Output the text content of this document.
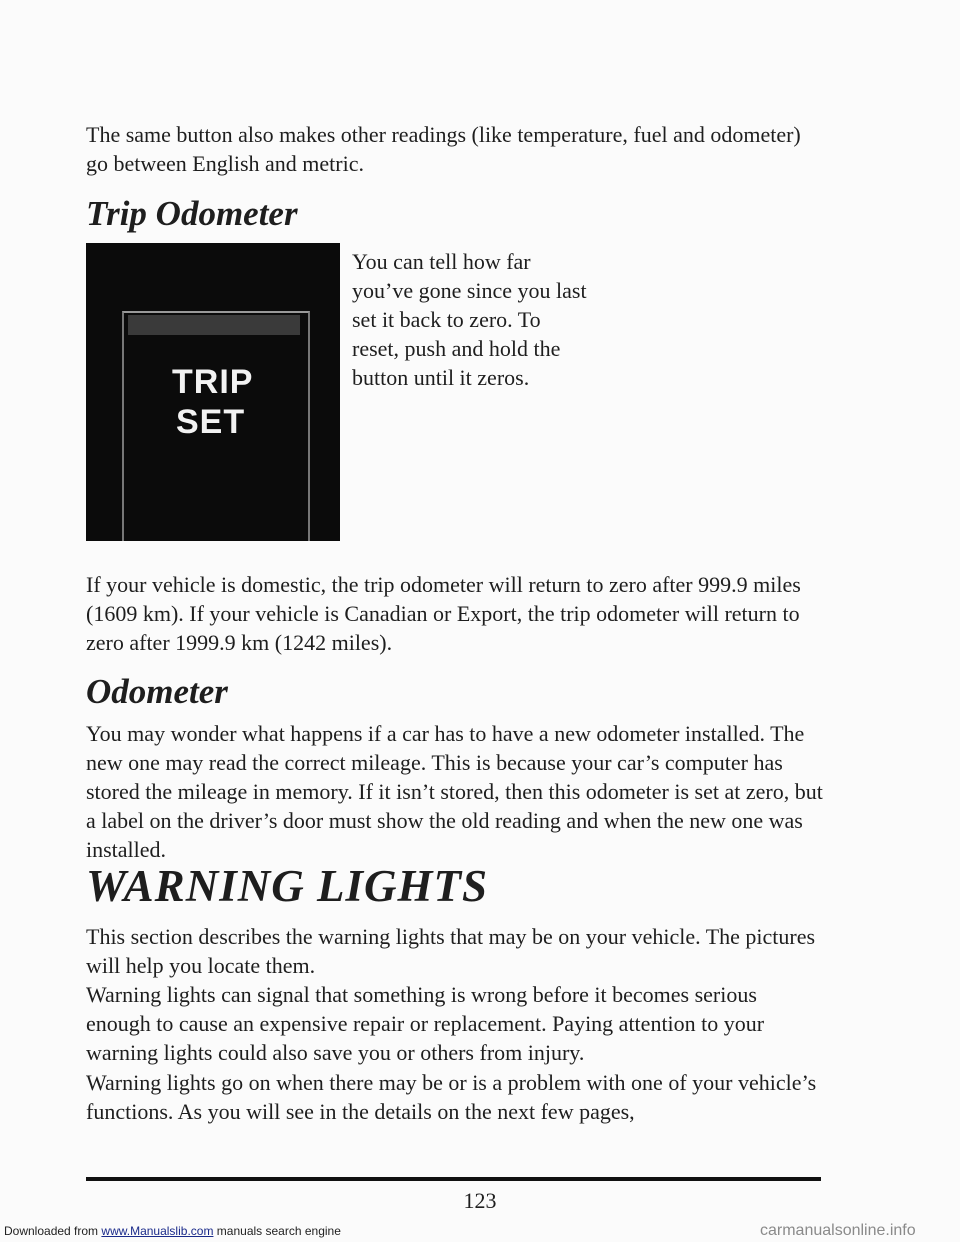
The same button also makes other readings (like temperature, fuel and odometer) go between English and metric.
Trip Odometer
TRIP
SET
You can tell how far you’ve gone since you last set it back to zero. To reset, push and hold the button until it zeros.
If your vehicle is domestic, the trip odometer will return to zero after 999.9 miles (1609 km). If your vehicle is Canadian or Export, the trip odometer will return to zero after 1999.9 km (1242 miles).
Odometer
You may wonder what happens if a car has to have a new odometer installed. The new one may read the correct mileage. This is because your car’s computer has stored the mileage in memory. If it isn’t stored, then this odometer is set at zero, but a label on the driver’s door must show the old reading and when the new one was installed.
WARNING LIGHTS
This section describes the warning lights that may be on your vehicle. The pictures will help you locate them.
Warning lights can signal that something is wrong before it becomes serious enough to cause an expensive repair or replacement. Paying attention to your warning lights could also save you or others from injury.
Warning lights go on when there may be or is a problem with one of your vehicle’s functions. As you will see in the details on the next few pages,
123
Downloaded from www.Manualslib.com manuals search engine	carmanualsonline.info
